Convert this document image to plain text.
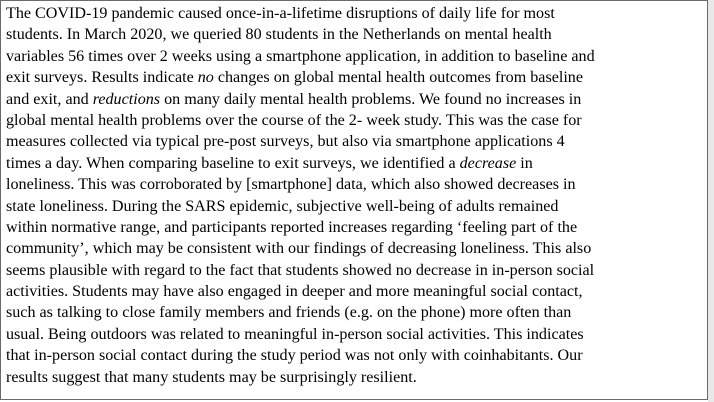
The COVID-19 pandemic caused once-in-a-lifetime disruptions of daily life for most
students. In March 2020, we queried 80 students in the Netherlands on mental health
variables 56 times over 2 weeks using a smartphone application, in addition to baseline and
exit surveys. Results indicate no changes on global mental health outcomes from baseline
and exit, and reductions on many daily mental health problems. We found no increases in
global mental health problems over the course of the 2- week study. This was the case for
measures collected via typical pre-post surveys, but also via smartphone applications 4
times a day. When comparing baseline to exit surveys, we identified a decrease in
loneliness. This was corroborated by [smartphone] data, which also showed decreases in
state loneliness. During the SARS epidemic, subjective well-being of adults remained
within normative range, and participants reported increases regarding ‘feeling part of the
community’, which may be consistent with our findings of decreasing loneliness. This also
seems plausible with regard to the fact that students showed no decrease in in-person social
activities. Students may have also engaged in deeper and more meaningful social contact,
such as talking to close family members and friends (e.g. on the phone) more often than
usual. Being outdoors was related to meaningful in-person social activities. This indicates
that in-person social contact during the study period was not only with coinhabitants. Our
results suggest that many students may be surprisingly resilient.
